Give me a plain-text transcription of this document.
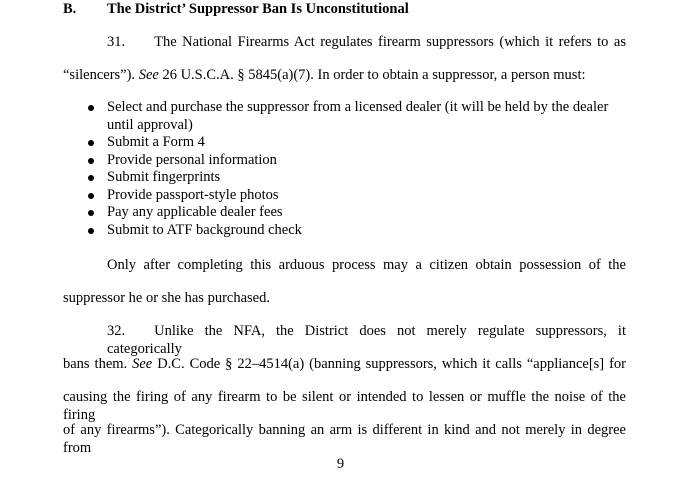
B. The District’ Suppressor Ban Is Unconstitutional
31.  The National Firearms Act regulates firearm suppressors (which it refers to as
“silencers”). See 26 U.S.C.A. § 5845(a)(7). In order to obtain a suppressor, a person must:
Select and purchase the suppressor from a licensed dealer (it will be held by the dealer until approval)
Submit a Form 4
Provide personal information
Submit fingerprints
Provide passport-style photos
Pay any applicable dealer fees
Submit to ATF background check
Only after completing this arduous process may a citizen obtain possession of the
suppressor he or she has purchased.
32.  Unlike the NFA, the District does not merely regulate suppressors, it categorically
bans them. See D.C. Code § 22–4514(a) (banning suppressors, which it calls “appliance[s] for
causing the firing of any firearm to be silent or intended to lessen or muffle the noise of the firing
of any firearms”). Categorically banning an arm is different in kind and not merely in degree from
9
